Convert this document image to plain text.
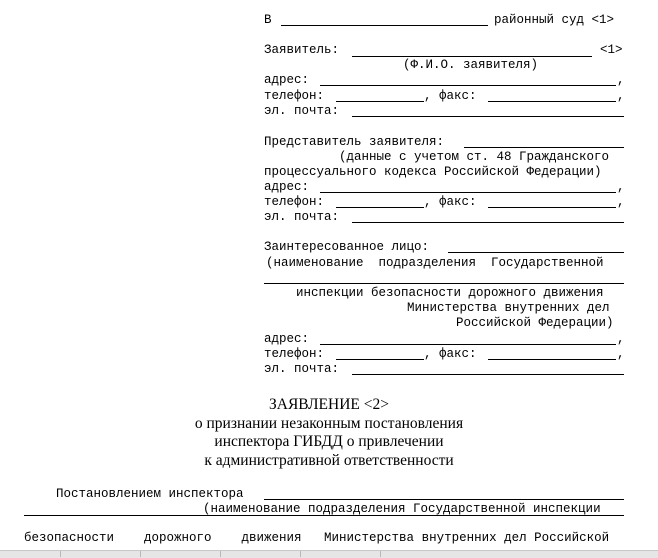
В	районный суд <1>
Заявитель:	<1>
(Ф.И.О. заявителя)
адрес:	,
телефон:	, факс:	,
эл. почта:
Представитель заявителя:
(данные с учетом ст. 48 Гражданского
процессуального кодекса Российской Федерации)
адрес:	,
телефон:	, факс:	,
эл. почта:
Заинтересованное лицо:
(наименование  подразделения  Государственной
инспекции безопасности дорожного движения
Министерства внутренних дел
Российской Федерации)
адрес:	,
телефон:	, факс:	,
эл. почта:
ЗАЯВЛЕНИЕ <2>
о признании незаконным постановления
инспектора ГИБДД о привлечении
к административной ответственности
Постановлением инспектора
(наименование подразделения Государственной инспекции
безопасности    дорожного    движения   Министерства внутренних дел Российской
